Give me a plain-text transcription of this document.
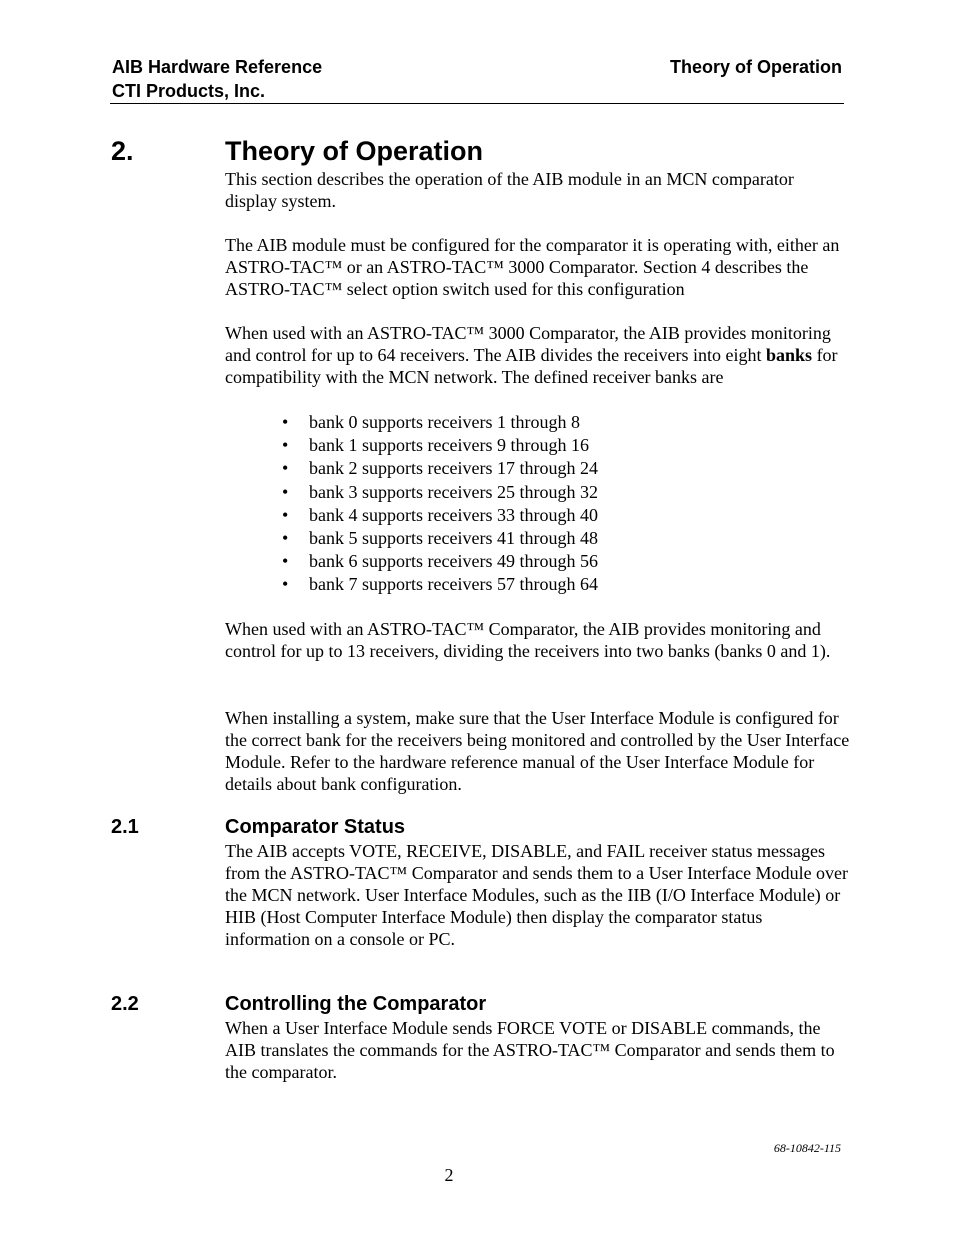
AIB Hardware Reference
CTI Products, Inc.
Theory of Operation
2.	Theory of Operation

This section describes the operation of the AIB module in an MCN comparator display system.

The AIB module must be configured for the comparator it is operating with, either an ASTRO-TAC™ or an ASTRO-TAC™ 3000 Comparator. Section 4 describes the ASTRO-TAC™ select option switch used for this configuration

When used with an ASTRO-TAC™ 3000 Comparator, the AIB provides monitoring and control for up to 64 receivers. The AIB divides the receivers into eight banks for compatibility with the MCN network. The defined receiver banks are

• bank 0 supports receivers 1 through 8
• bank 1 supports receivers 9 through 16
• bank 2 supports receivers 17 through 24
• bank 3 supports receivers 25 through 32
• bank 4 supports receivers 33 through 40
• bank 5 supports receivers 41 through 48
• bank 6 supports receivers 49 through 56
• bank 7 supports receivers 57 through 64

When used with an ASTRO-TAC™ Comparator, the AIB provides monitoring and control for up to 13 receivers, dividing the receivers into two banks (banks 0 and 1).

When installing a system, make sure that the User Interface Module is configured for the correct bank for the receivers being monitored and controlled by the User Interface Module. Refer to the hardware reference manual of the User Interface Module for details about bank configuration.

2.1	Comparator Status

The AIB accepts VOTE, RECEIVE, DISABLE, and FAIL receiver status messages from the ASTRO-TAC™ Comparator and sends them to a User Interface Module over the MCN network. User Interface Modules, such as the IIB (I/O Interface Module) or HIB (Host Computer Interface Module) then display the comparator status information on a console or PC.

2.2	Controlling the Comparator

When a User Interface Module sends FORCE VOTE or DISABLE commands, the AIB translates the commands for the ASTRO-TAC™ Comparator and sends them to the comparator.

68-10842-115
2
